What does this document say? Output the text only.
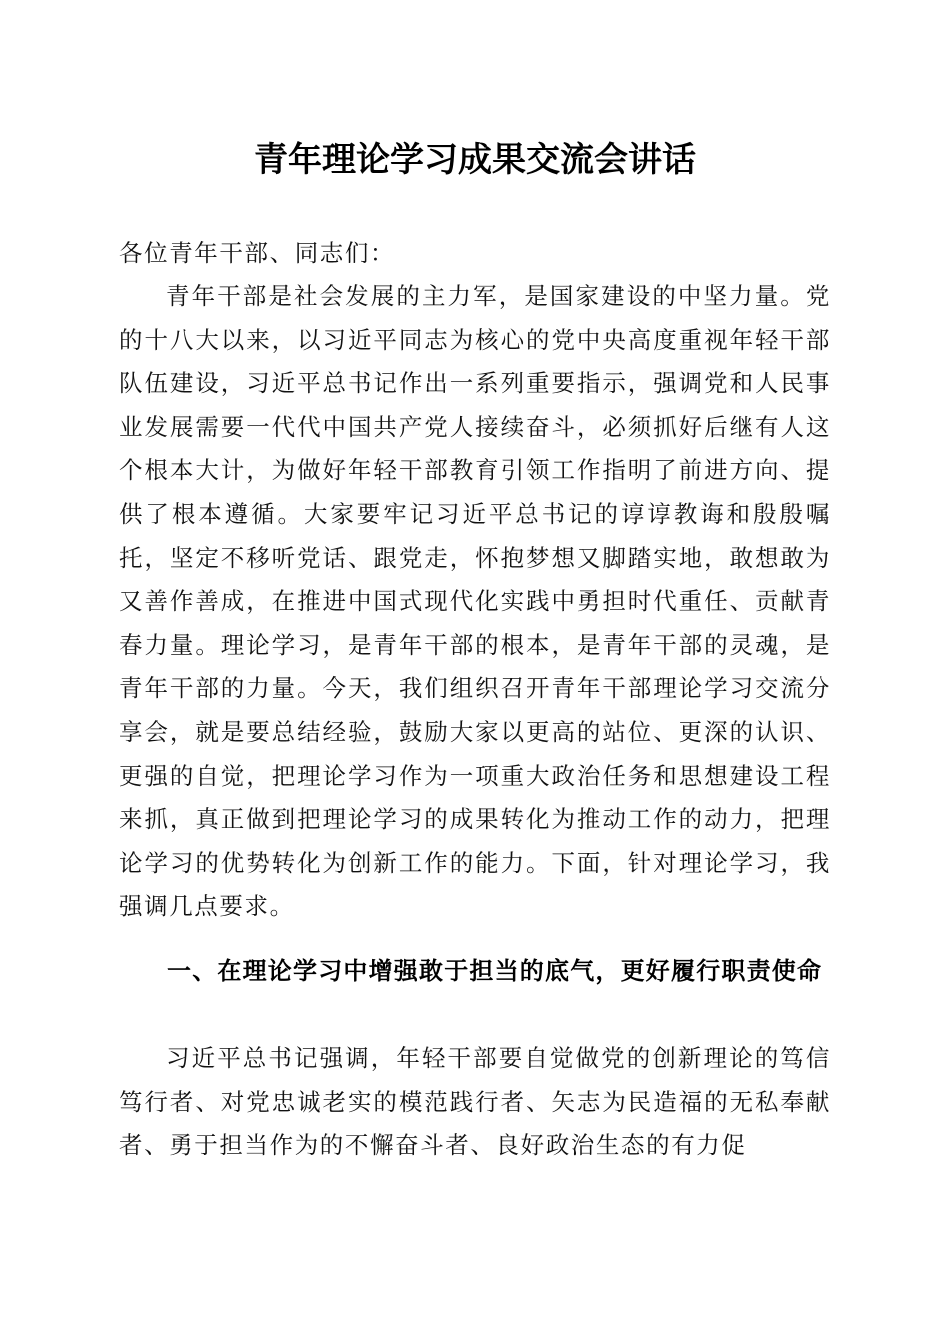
青年理论学习成果交流会讲话
各位青年干部、同志们：
青年干部是社会发展的主力军，是国家建设的中坚力量。党的十八大以来，以习近平同志为核心的党中央高度重视年轻干部队伍建设，习近平总书记作出一系列重要指示，强调党和人民事业发展需要一代代中国共产党人接续奋斗，必须抓好后继有人这个根本大计，为做好年轻干部教育引领工作指明了前进方向、提供了根本遵循。大家要牢记习近平总书记的谆谆教诲和殷殷嘱托，坚定不移听党话、跟党走，怀抱梦想又脚踏实地，敢想敢为又善作善成，在推进中国式现代化实践中勇担时代重任、贡献青春力量。理论学习，是青年干部的根本，是青年干部的灵魂，是青年干部的力量。今天，我们组织召开青年干部理论学习交流分享会，就是要总结经验，鼓励大家以更高的站位、更深的认识、更强的自觉，把理论学习作为一项重大政治任务和思想建设工程来抓，真正做到把理论学习的成果转化为推动工作的动力，把理论学习的优势转化为创新工作的能力。下面，针对理论学习，我强调几点要求。
一、在理论学习中增强敢于担当的底气，更好履行职责使命
习近平总书记强调，年轻干部要自觉做党的创新理论的笃信笃行者、对党忠诚老实的模范践行者、矢志为民造福的无私奉献者、勇于担当作为的不懈奋斗者、良好政治生态的有力促
